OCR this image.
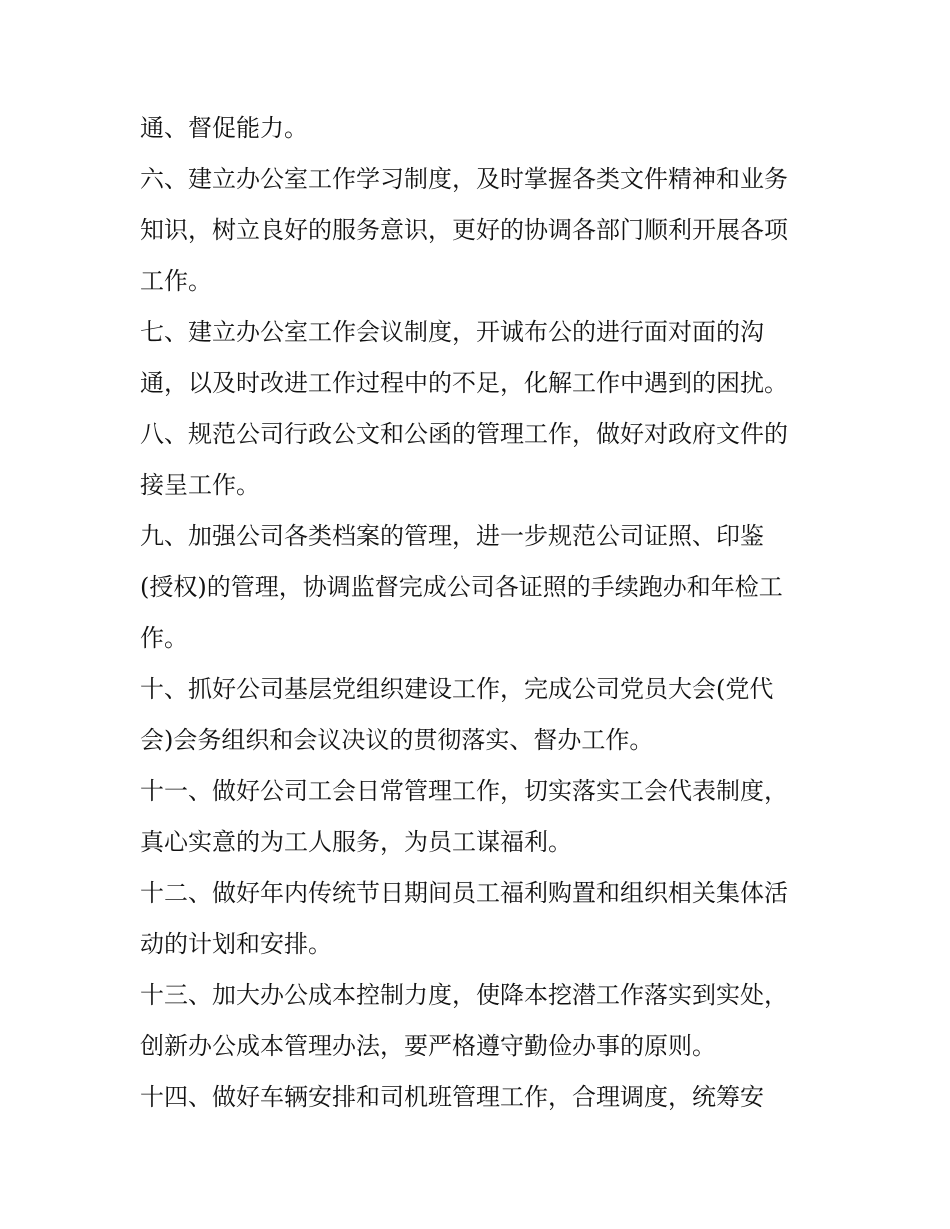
通、督促能力。
六、建立办公室工作学习制度，及时掌握各类文件精神和业务
知识，树立良好的服务意识，更好的协调各部门顺利开展各项
工作。
七、建立办公室工作会议制度，开诚布公的进行面对面的沟
通，以及时改进工作过程中的不足，化解工作中遇到的困扰。
八、规范公司行政公文和公函的管理工作，做好对政府文件的
接呈工作。
九、加强公司各类档案的管理，进一步规范公司证照、印鉴
(授权)的管理，协调监督完成公司各证照的手续跑办和年检工
作。
十、抓好公司基层党组织建设工作，完成公司党员大会(党代
会)会务组织和会议决议的贯彻落实、督办工作。
十一、做好公司工会日常管理工作，切实落实工会代表制度，
真心实意的为工人服务，为员工谋福利。
十二、做好年内传统节日期间员工福利购置和组织相关集体活
动的计划和安排。
十三、加大办公成本控制力度，使降本挖潜工作落实到实处，
创新办公成本管理办法，要严格遵守勤俭办事的原则。
十四、做好车辆安排和司机班管理工作，合理调度，统筹安
